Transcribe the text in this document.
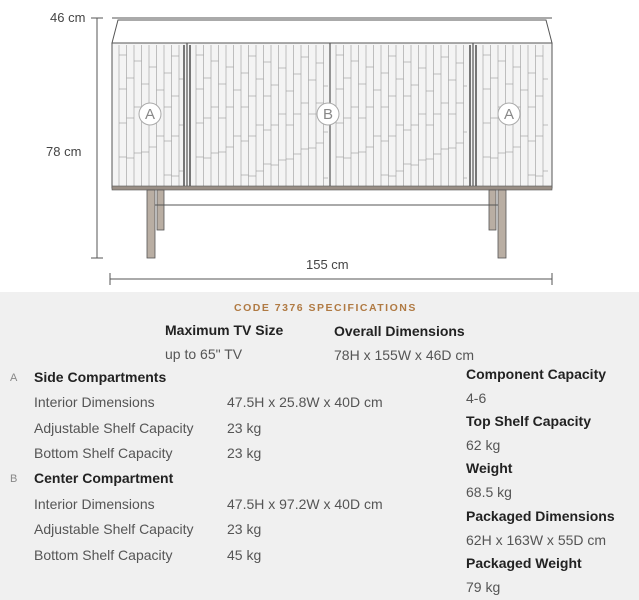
46 cm
78 cm
155 cm
A	B	A
CODE 7376 SPECIFICATIONS
Maximum TV Size
up to 65" TV
Overall Dimensions
78H x 155W x 46D cm
A Side Compartments
Interior Dimensions	47.5H x 25.8W x 40D cm
Adjustable Shelf Capacity 23 kg
Bottom Shelf Capacity	23 kg
B Center Compartment
Interior Dimensions	47.5H x 97.2W x 40D cm
Adjustable Shelf Capacity 23 kg
Bottom Shelf Capacity	45 kg
Component Capacity
4-6
Top Shelf Capacity
62 kg
Weight
68.5 kg
Packaged Dimensions
62H x 163W x 55D cm
Packaged Weight
79 kg
